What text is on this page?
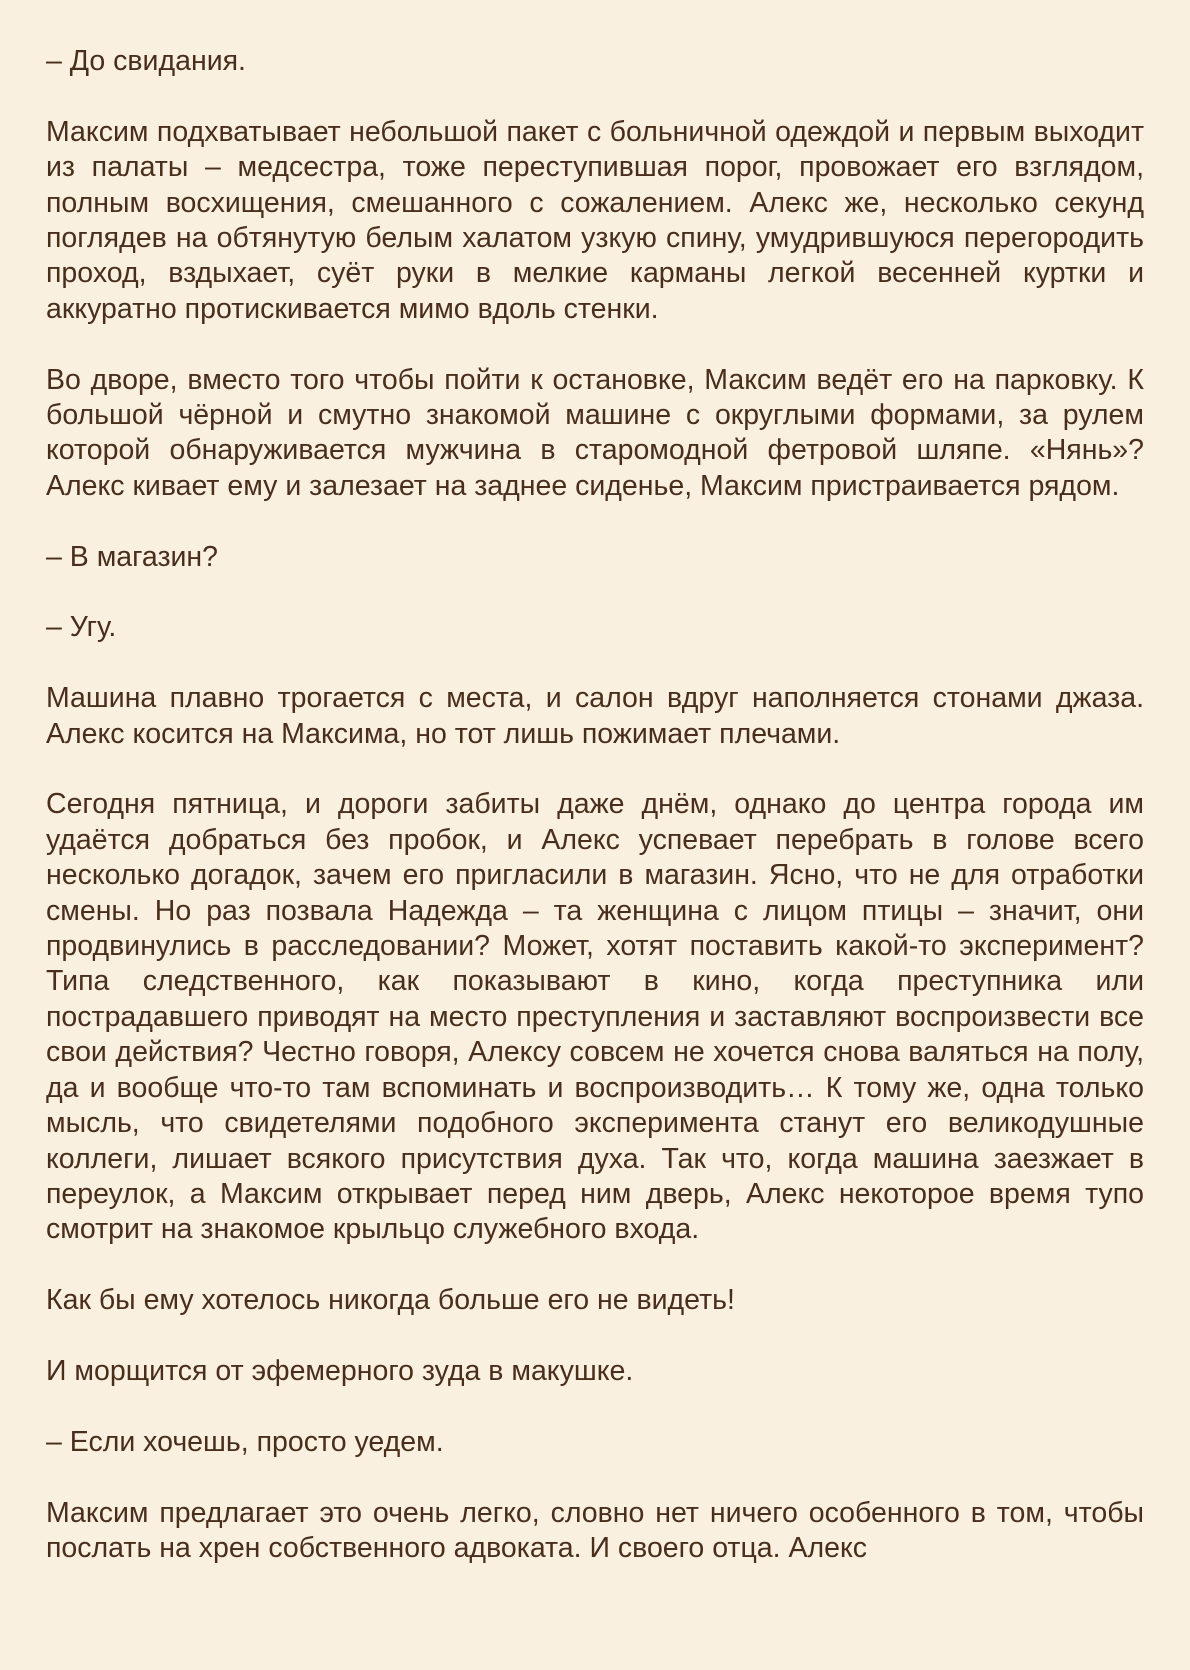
– До свидания.

Максим подхватывает небольшой пакет с больничной одеждой и первым выходит из палаты – медсестра, тоже переступившая порог, провожает его взглядом, полным восхищения, смешанного с сожалением. Алекс же, несколько секунд поглядев на обтянутую белым халатом узкую спину, умудрившуюся перегородить проход, вздыхает, суёт руки в мелкие карманы легкой весенней куртки и аккуратно протискивается мимо вдоль стенки.

Во дворе, вместо того чтобы пойти к остановке, Максим ведёт его на парковку. К большой чёрной и смутно знакомой машине с округлыми формами, за рулем которой обнаруживается мужчина в старомодной фетровой шляпе. «Нянь»? Алекс кивает ему и залезает на заднее сиденье, Максим пристраивается рядом.

– В магазин?

– Угу.

Машина плавно трогается с места, и салон вдруг наполняется стонами джаза. Алекс косится на Максима, но тот лишь пожимает плечами.

Сегодня пятница, и дороги забиты даже днём, однако до центра города им удаётся добраться без пробок, и Алекс успевает перебрать в голове всего несколько догадок, зачем его пригласили в магазин. Ясно, что не для отработки смены. Но раз позвала Надежда – та женщина с лицом птицы – значит, они продвинулись в расследовании? Может, хотят поставить какой-то эксперимент? Типа следственного, как показывают в кино, когда преступника или пострадавшего приводят на место преступления и заставляют воспроизвести все свои действия? Честно говоря, Алексу совсем не хочется снова валяться на полу, да и вообще что-то там вспоминать и воспроизводить… К тому же, одна только мысль, что свидетелями подобного эксперимента станут его великодушные коллеги, лишает всякого присутствия духа. Так что, когда машина заезжает в переулок, а Максим открывает перед ним дверь, Алекс некоторое время тупо смотрит на знакомое крыльцо служебного входа.

Как бы ему хотелось никогда больше его не видеть!

И морщится от эфемерного зуда в макушке.

– Если хочешь, просто уедем.

Максим предлагает это очень легко, словно нет ничего особенного в том, чтобы послать на хрен собственного адвоката. И своего отца. Алекс
